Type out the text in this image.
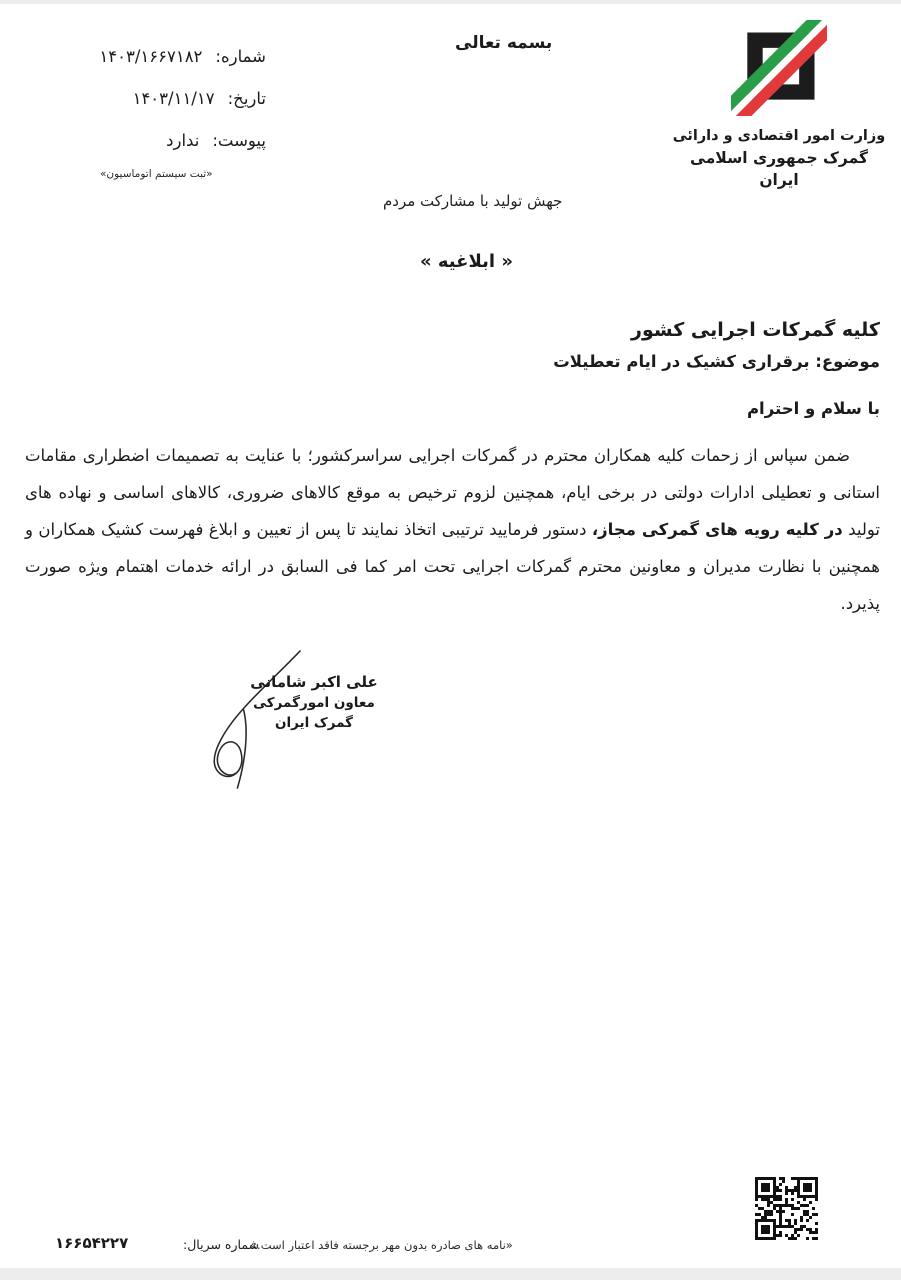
شماره:
۱۴۰۳/۱۶۶۷۱۸۲
تاریخ:
۱۴۰۳/۱۱/۱۷
پیوست:
ندارد
«ثبت سیستم اتوماسیون»
بسمه تعالی
وزارت امور اقتصادی و دارائی
گمرک جمهوری اسلامی ایران
جهش تولید با مشارکت مردم
« ابلاغیه »
کلیه گمرکات اجرایی کشور
موضوع: برقراری کشیک در ایام تعطیلات
با سلام و احترام

ضمن سپاس از زحمات کلیه همکاران محترم در گمرکات اجرایی سراسرکشور؛ با عنایت به تصمیمات اضطراری مقامات استانی و تعطیلی ادارات دولتی در برخی ایام، همچنین لزوم ترخیص به موقع کالاهای ضروری، کالاهای اساسی و نهاده های تولید در کلیه رویه های گمرکی مجاز، دستور فرمایید ترتیبی اتخاذ نمایند تا پس از تعیین و ابلاغ فهرست کشیک همکاران و همچنین با نظارت مدیران و معاونین محترم گمرکات اجرایی تحت امر کما فی السابق در ارائه خدمات اهتمام ویژه صورت پذیرد.

علی اکبر شامانی
معاون امورگمرکی گمرک ایران
۱۶۶۵۴۲۲۷	شماره سریال:
«نامه های صادره بدون مهر برجسته فاقد اعتبار است.»
